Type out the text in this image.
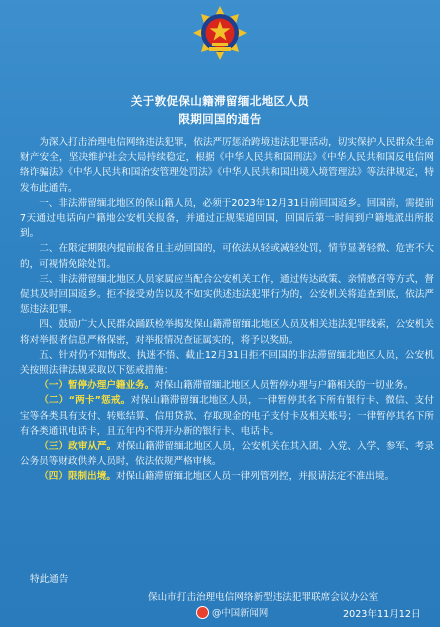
关于敦促保山籍滞留缅北地区人员
限期回国的通告

为深入打击治理电信网络违法犯罪，依法严厉惩治跨境违法犯罪活动，切实保护人民群众生命财产安全，坚决维护社会大局持续稳定，根据《中华人民共和国刑法》《中华人民共和国反电信网络诈骗法》《中华人民共和国治安管理处罚法》《中华人民共和国出境入境管理法》等法律规定，特发布此通告。

一、非法滞留缅北地区的保山籍人员，必须于2023年12月31日前回国返乡。回国前，需提前7天通过电话向户籍地公安机关报备，并通过正规渠道回国，回国后第一时间到户籍地派出所报到。

二、在限定期限内提前报备且主动回国的，可依法从轻或减轻处罚，情节显著轻微、危害不大的，可视情免除处罚。

三、非法滞留缅北地区人员家属应当配合公安机关工作，通过传达政策、亲情感召等方式，督促其及时回国返乡。拒不接受劝告以及不如实供述违法犯罪行为的，公安机关将追查到底，依法严惩违法犯罪。

四、鼓励广大人民群众踊跃检举揭发保山籍滞留缅北地区人员及相关违法犯罪线索，公安机关将对举报者信息严格保密，对举报情况查证属实的，将予以奖励。

五、针对仍不知悔改、执迷不悟、截止12月31日拒不回国的非法滞留缅北地区人员，公安机关按照法律法规采取以下惩戒措施：

（一）暂停办理户籍业务。对保山籍滞留缅北地区人员暂停办理与户籍相关的一切业务。

（二）“两卡”惩戒。对保山籍滞留缅北地区人员，一律暂停其名下所有银行卡、微信、支付宝等各类具有支付、转账结算、信用贷款、存取现金的电子支付卡及相关账号；一律暂停其名下所有各类通讯电话卡，且五年内不得开办新的银行卡、电话卡。

（三）政审从严。对保山籍滞留缅北地区人员，公安机关在其入团、入党、入学、参军、考录公务员等财政供养人员时，依法依规严格审核。

（四）限制出境。对保山籍滞留缅北地区人员一律列管列控，并报请法定不准出境。

特此通告
保山市打击治理电信网络新型违法犯罪联席会议办公室
@中国新闻网	2023年11月12日
